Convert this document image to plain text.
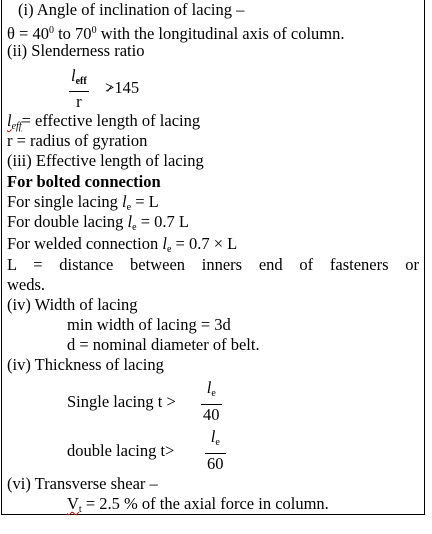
(i) Angle of inclination of lacing –
$\theta = 40^0$ to $70^0$ with the longitudinal axis of column.
(ii) Slenderness ratio
$l_{eff}$
r
>145
$l_{eff}=$ effective length of lacing
r = radius of gyration
(iii) Effective length of lacing
For bolted connection
For single lacing $l_e = L$
For double lacing $l_e = 0.7$ L
For welded connection $l_e = 0.7 \times L$
L = distance between inners end of fasteners or
weds.
(iv) Width of lacing
min width of lacing = 3d
d = nominal diameter of belt.
(iv) Thickness of lacing
Single lacing t >
$l_e$
40
double lacing t>
$l_e$
60
(vi) Transverse shear –
$V_t = 2.5$ % of the axial force in column.
